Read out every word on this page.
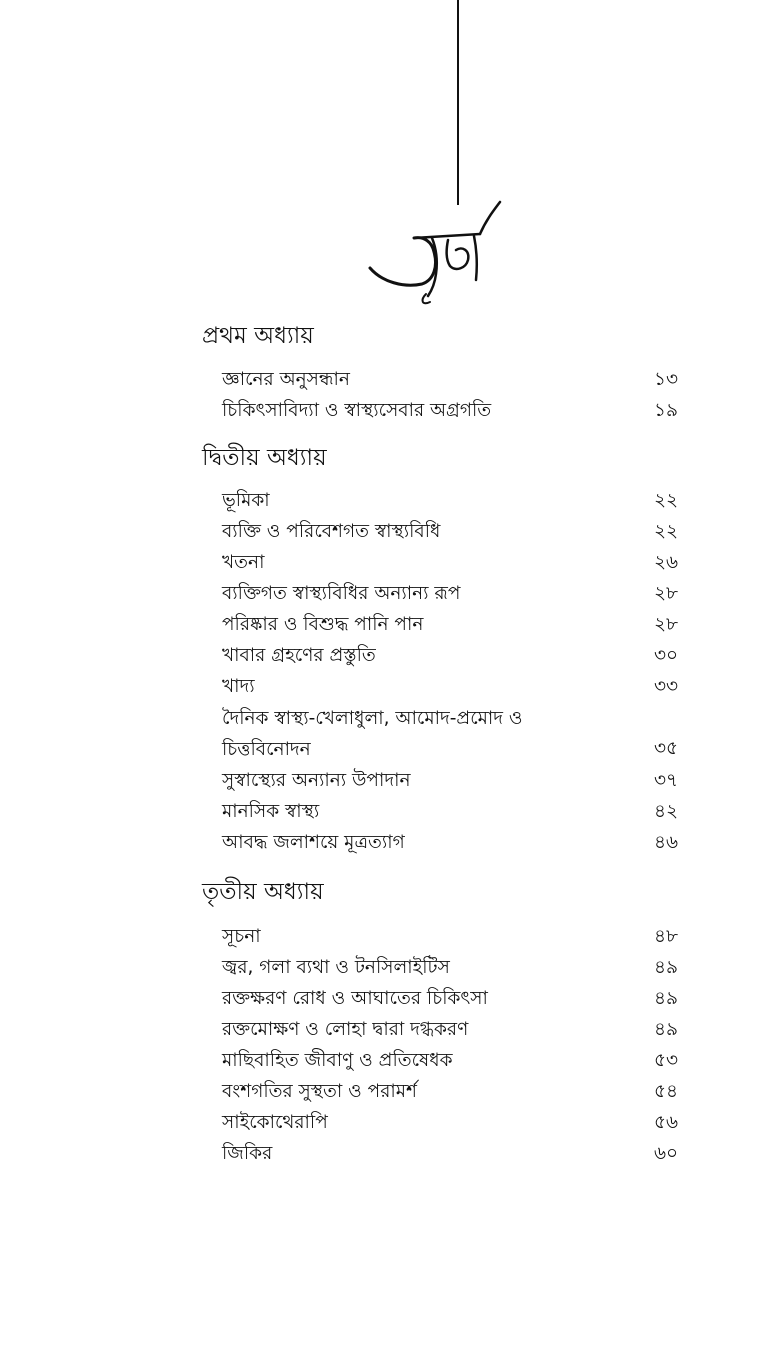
প্রথম অধ্যায়
জ্ঞানের অনুসন্ধান	১৩
চিকিৎসাবিদ্যা ও স্বাস্থ্যসেবার অগ্রগতি	১৯
দ্বিতীয় অধ্যায়
ভূমিকা	২২
ব্যক্তি ও পরিবেশগত স্বাস্থ্যবিধি	২২
খতনা	২৬
ব্যক্তিগত স্বাস্থ্যবিধির অন্যান্য রূপ	২৮
পরিষ্কার ও বিশুদ্ধ পানি পান	২৮
খাবার গ্রহণের প্রস্তুতি	৩০
খাদ্য	৩৩
দৈনিক স্বাস্থ্য-খেলাধুলা, আমোদ-প্রমোদ ও চিত্তবিনোদন	৩৫
সুস্বাস্থ্যের অন্যান্য উপাদান	৩৭
মানসিক স্বাস্থ্য	৪২
আবদ্ধ জলাশয়ে মূত্রত্যাগ	৪৬
তৃতীয় অধ্যায়
সূচনা	৪৮
জ্বর, গলা ব্যথা ও টনসিলাইটিস	৪৯
রক্তক্ষরণ রোধ ও আঘাতের চিকিৎসা	৪৯
রক্তমোক্ষণ ও লোহা দ্বারা দগ্ধকরণ	৪৯
মাছিবাহিত জীবাণু ও প্রতিষেধক	৫৩
বংশগতির সুস্থতা ও পরামর্শ	৫৪
সাইকোথেরাপি	৫৬
জিকির	৬০
